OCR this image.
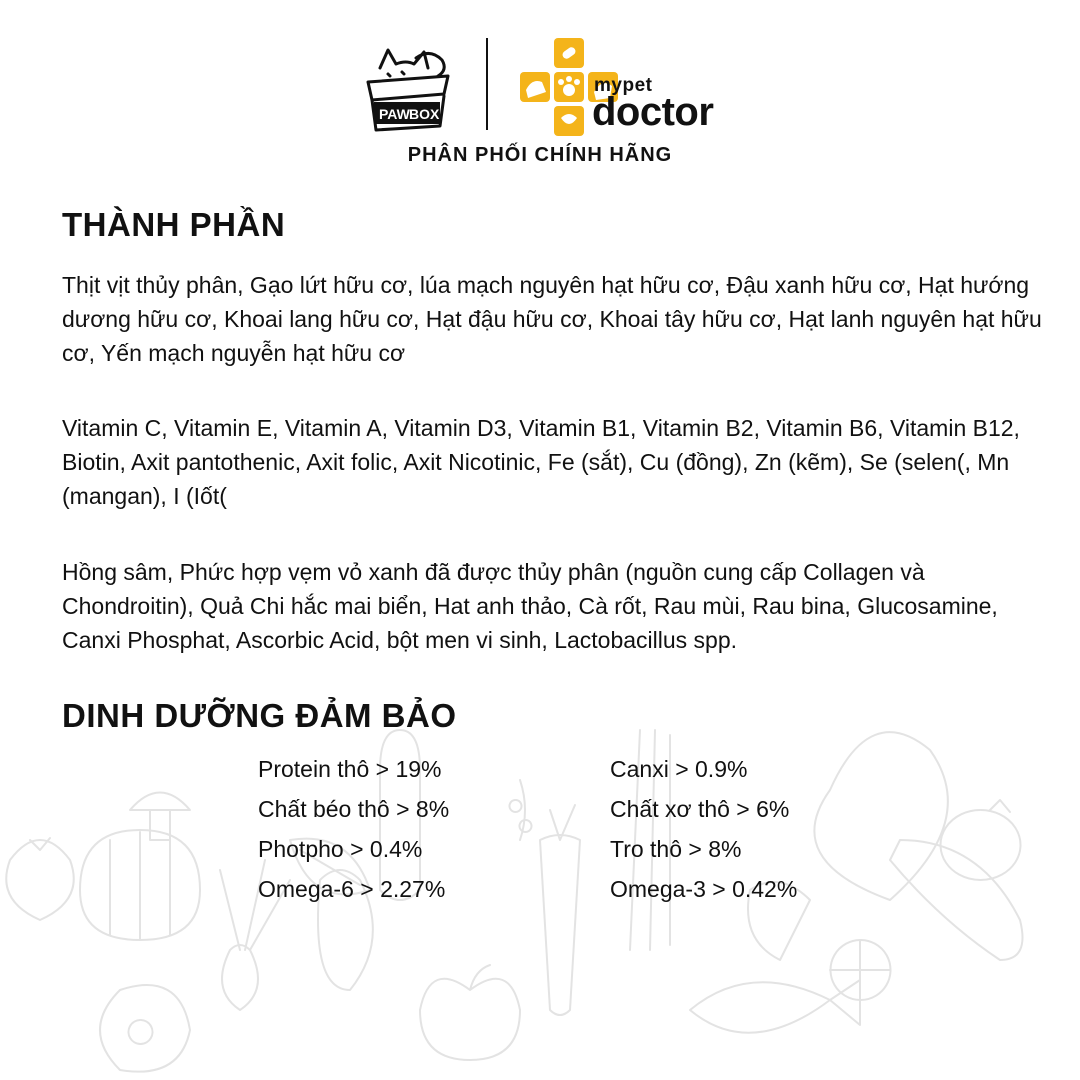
PAW BOX
mypet
doctor
PHÂN PHỐI CHÍNH HÃNG
THÀNH PHẦN

Thịt vịt thủy phân, Gạo lứt hữu cơ, lúa mạch nguyên hạt hữu cơ, Đậu xanh hữu cơ, Hạt hướng dương hữu cơ, Khoai lang hữu cơ, Hạt đậu hữu cơ, Khoai tây hữu cơ, Hạt lanh nguyên hạt hữu cơ, Yến mạch nguyễn hạt hữu cơ

Vitamin C, Vitamin E, Vitamin A, Vitamin D3, Vitamin B1, Vitamin B2, Vitamin B6, Vitamin B12, Biotin, Axit pantothenic, Axit folic, Axit Nicotinic, Fe (sắt), Cu (đồng), Zn (kẽm), Se (selen(, Mn (mangan), I (Iốt(

Hồng sâm, Phức hợp vẹm vỏ xanh đã được thủy phân (nguồn cung cấp Collagen và Chondroitin), Quả Chi hắc mai biển, Hat anh thảo, Cà rốt, Rau mùi, Rau bina, Glucosamine, Canxi Phosphat, Ascorbic Acid, bột men vi sinh, Lactobacillus spp.

DINH DƯỠNG ĐẢM BẢO
Protein thô > 19%
Chất béo thô > 8%
Photpho > 0.4%
Omega-6 > 2.27%
Canxi > 0.9%
Chất xơ thô > 6%
Tro thô > 8%
Omega-3 > 0.42%
